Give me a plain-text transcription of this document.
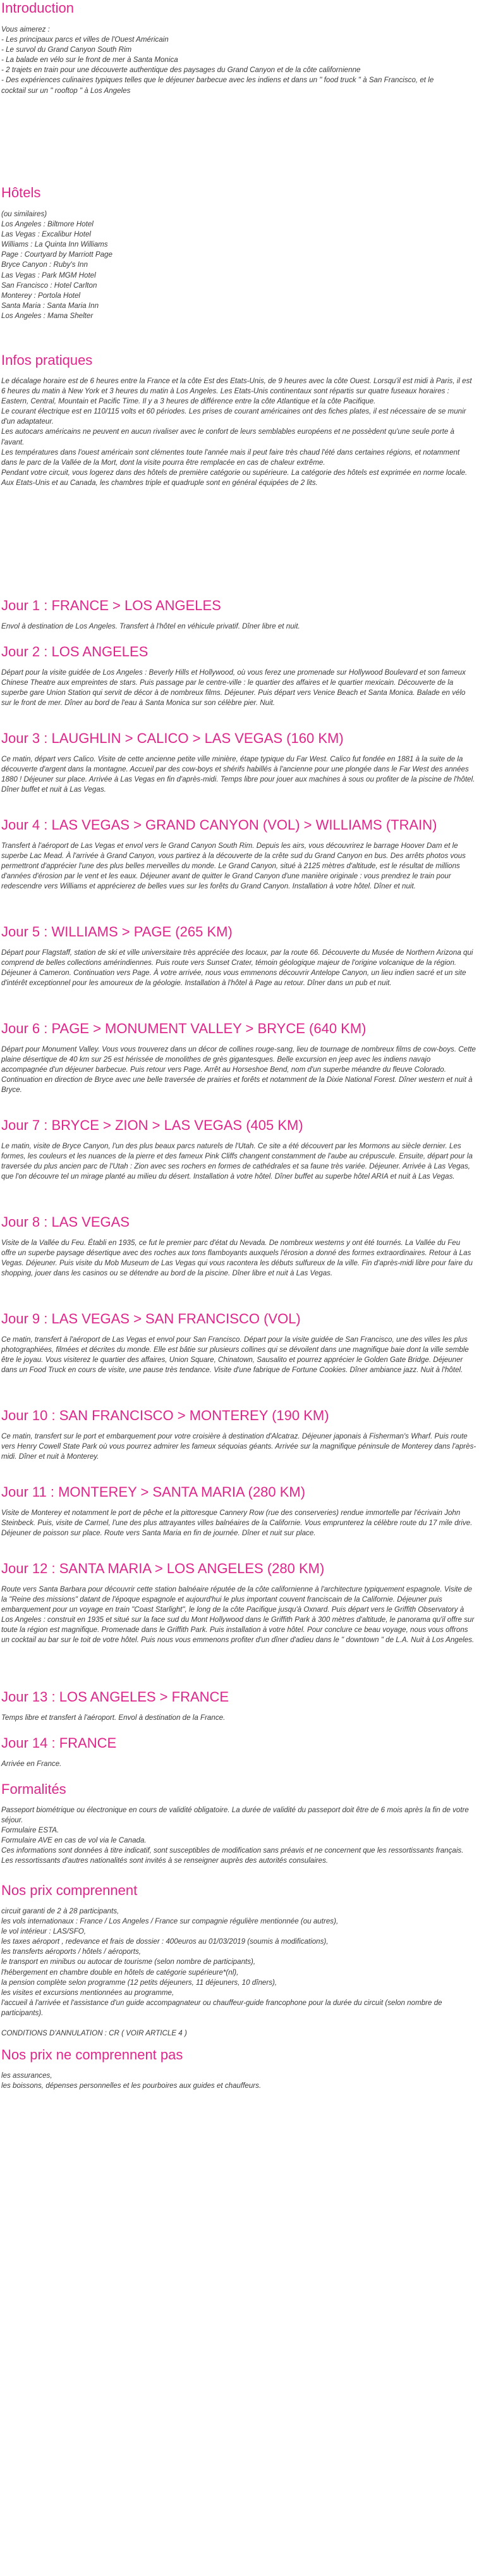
Introduction
Vous aimerez :
- Les principaux parcs et villes de l'Ouest Américain
- Le survol du Grand Canyon South Rim
- La balade en vélo sur le front de mer à Santa Monica
- 2 trajets en train pour une découverte authentique des paysages du Grand Canyon et de la côte californienne

- Des expériences culinaires typiques telles que le déjeuner barbecue avec les indiens et dans un " food truck " à San Francisco, et le cocktail sur un " rooftop " à Los Angeles

Hôtels
(ou similaires)
Los Angeles : Biltmore Hotel
Las Vegas : Excalibur Hotel
Williams : La Quinta Inn Williams
Page : Courtyard by Marriott Page
Bryce Canyon : Ruby's Inn
Las Vegas : Park MGM Hotel
San Francisco : Hotel Carlton
Monterey : Portola Hotel
Santa Maria : Santa Maria Inn
Los Angeles : Mama Shelter
Infos pratiques

Le décalage horaire est de 6 heures entre la France et la côte Est des Etats-Unis, de 9 heures avec la côte Ouest. Lorsqu'il est midi à Paris, il est 6 heures du matin à New York et 3 heures du matin à Los Angeles. Les Etats-Unis continentaux sont répartis sur quatre fuseaux horaires : Eastern, Central, Mountain et Pacific Time. Il y a 3 heures de différence entre la côte Atlantique et la côte Pacifique.

Le courant électrique est en 110/115 volts et 60 périodes. Les prises de courant américaines ont des fiches plates, il est nécessaire de se munir d'un adaptateur.

Les autocars américains ne peuvent en aucun rivaliser avec le confort de leurs semblables européens et ne possèdent qu'une seule porte à l'avant.

Les températures dans l'ouest américain sont clémentes toute l'année mais il peut faire très chaud l'été dans certaines régions, et notamment dans le parc de la Vallée de la Mort, dont la visite pourra être remplacée en cas de chaleur extrême.

Pendant votre circuit, vous logerez dans des hôtels de première catégorie ou supérieure. La catégorie des hôtels est exprimée en norme locale. Aux Etats-Unis et au Canada, les chambres triple et quadruple sont en général équipées de 2 lits.

Jour 1 : FRANCE > LOS ANGELES

Envol à destination de Los Angeles. Transfert à l'hôtel en véhicule privatif. Dîner libre et nuit.

Jour 2 : LOS ANGELES

Départ pour la visite guidée de Los Angeles : Beverly Hills et Hollywood, où vous ferez une promenade sur Hollywood Boulevard et son fameux Chinese Theatre aux empreintes de stars. Puis passage par le centre-ville : le quartier des affaires et le quartier mexicain. Découverte de la superbe gare Union Station qui servit de décor à de nombreux films. Déjeuner. Puis départ vers Venice Beach et Santa Monica. Balade en vélo sur le front de mer. Dîner au bord de l'eau à Santa Monica sur son célèbre pier. Nuit.

Jour 3 : LAUGHLIN > CALICO > LAS VEGAS (160 KM)

Ce matin, départ vers Calico. Visite de cette ancienne petite ville minière, étape typique du Far West. Calico fut fondée en 1881 à la suite de la découverte d'argent dans la montagne. Accueil par des cow-boys et shérifs habillés à l'ancienne pour une plongée dans le Far West des années 1880 ! Déjeuner sur place. Arrivée à Las Vegas en fin d'après-midi. Temps libre pour jouer aux machines à sous ou profiter de la piscine de l'hôtel. Dîner buffet et nuit à Las Vegas.

Jour 4 : LAS VEGAS > GRAND CANYON (VOL) > WILLIAMS (TRAIN)

Transfert à l'aéroport de Las Vegas et envol vers le Grand Canyon South Rim. Depuis les airs, vous découvrirez le barrage Hoover Dam et le superbe Lac Mead. À l'arrivée à Grand Canyon, vous partirez à la découverte de la crête sud du Grand Canyon en bus. Des arrêts photos vous permettront d'apprécier l'une des plus belles merveilles du monde. Le Grand Canyon, situé à 2125 mètres d'altitude, est le résultat de millions d'années d'érosion par le vent et les eaux. Déjeuner avant de quitter le Grand Canyon d'une manière originale : vous prendrez le train pour redescendre vers Williams et apprécierez de belles vues sur les forêts du Grand Canyon. Installation à votre hôtel. Dîner et nuit.

Jour 5 : WILLIAMS > PAGE (265 KM)

Départ pour Flagstaff, station de ski et ville universitaire très appréciée des locaux, par la route 66. Découverte du Musée de Northern Arizona qui comprend de belles collections amérindiennes. Puis route vers Sunset Crater, témoin géologique majeur de l'origine volcanique de la région. Déjeuner à Cameron. Continuation vers Page. À votre arrivée, nous vous emmenons découvrir Antelope Canyon, un lieu indien sacré et un site d'intérêt exceptionnel pour les amoureux de la géologie. Installation à l'hôtel à Page au retour. Dîner dans un pub et nuit.

Jour 6 : PAGE > MONUMENT VALLEY > BRYCE (640 KM)

Départ pour Monument Valley. Vous vous trouverez dans un décor de collines rouge-sang, lieu de tournage de nombreux films de cow-boys. Cette plaine désertique de 40 km sur 25 est hérissée de monolithes de grès gigantesques. Belle excursion en jeep avec les indiens navajo accompagnée d'un déjeuner barbecue. Puis retour vers Page. Arrêt au Horseshoe Bend, nom d'un superbe méandre du fleuve Colorado. Continuation en direction de Bryce avec une belle traversée de prairies et forêts et notamment de la Dixie National Forest. Dîner western et nuit à Bryce.

Jour 7 : BRYCE > ZION > LAS VEGAS (405 KM)

Le matin, visite de Bryce Canyon, l'un des plus beaux parcs naturels de l'Utah. Ce site a été découvert par les Mormons au siècle dernier. Les formes, les couleurs et les nuances de la pierre et des fameux Pink Cliffs changent constamment de l'aube au crépuscule. Ensuite, départ pour la traversée du plus ancien parc de l'Utah : Zion avec ses rochers en formes de cathédrales et sa faune très variée. Déjeuner. Arrivée à Las Vegas, que l'on découvre tel un mirage planté au milieu du désert. Installation à votre hôtel. Dîner buffet au superbe hôtel ARIA et nuit à Las Vegas.

Jour 8 : LAS VEGAS

Visite de la Vallée du Feu. Établi en 1935, ce fut le premier parc d'état du Nevada. De nombreux westerns y ont été tournés. La Vallée du Feu offre un superbe paysage désertique avec des roches aux tons flamboyants auxquels l'érosion a donné des formes extraordinaires. Retour à Las Vegas. Déjeuner. Puis visite du Mob Museum de Las Vegas qui vous racontera les débuts sulfureux de la ville. Fin d'après-midi libre pour faire du shopping, jouer dans les casinos ou se détendre au bord de la piscine. Dîner libre et nuit à Las Vegas.

Jour 9 : LAS VEGAS > SAN FRANCISCO (VOL)

Ce matin, transfert à l'aéroport de Las Vegas et envol pour San Francisco. Départ pour la visite guidée de San Francisco, une des villes les plus photographiées, filmées et décrites du monde. Elle est bâtie sur plusieurs collines qui se dévoilent dans une magnifique baie dont la ville semble être le joyau. Vous visiterez le quartier des affaires, Union Square, Chinatown, Sausalito et pourrez apprécier le Golden Gate Bridge. Déjeuner dans un Food Truck en cours de visite, une pause très tendance. Visite d'une fabrique de Fortune Cookies. Dîner ambiance jazz. Nuit à l'hôtel.

Jour 10 : SAN FRANCISCO > MONTEREY (190 KM)

Ce matin, transfert sur le port et embarquement pour votre croisière à destination d'Alcatraz. Déjeuner japonais à Fisherman's Wharf. Puis route vers Henry Cowell State Park où vous pourrez admirer les fameux séquoias géants. Arrivée sur la magnifique péninsule de Monterey dans l'après-midi. Dîner et nuit à Monterey.

Jour 11 : MONTEREY > SANTA MARIA (280 KM)

Visite de Monterey et notamment le port de pêche et la pittoresque Cannery Row (rue des conserveries) rendue immortelle par l'écrivain John Steinbeck. Puis, visite de Carmel, l'une des plus attrayantes villes balnéaires de la Californie. Vous emprunterez la célèbre route du 17 mile drive. Déjeuner de poisson sur place. Route vers Santa Maria en fin de journée. Dîner et nuit sur place.

Jour 12 : SANTA MARIA > LOS ANGELES (280 KM)

Route vers Santa Barbara pour découvrir cette station balnéaire réputée de la côte californienne à l'architecture typiquement espagnole. Visite de la "Reine des missions" datant de l'époque espagnole et aujourd'hui le plus important couvent franciscain de la Californie. Déjeuner puis embarquement pour un voyage en train "Coast Starlight", le long de la côte Pacifique jusqu'à Oxnard. Puis départ vers le Griffith Observatory à Los Angeles : construit en 1935 et situé sur la face sud du Mont Hollywood dans le Griffith Park à 300 mètres d'altitude, le panorama qu'il offre sur toute la région est magnifique. Promenade dans le Griffith Park. Puis installation à votre hôtel. Pour conclure ce beau voyage, nous vous offrons un cocktail au bar sur le toit de votre hôtel. Puis nous vous emmenons profiter d'un dîner d'adieu dans le " downtown " de L.A. Nuit à Los Angeles.

Jour 13 : LOS ANGELES > FRANCE

Temps libre et transfert à l'aéroport. Envol à destination de la France.

Jour 14 : FRANCE

Arrivée en France.

Formalités

Passeport biométrique ou électronique en cours de validité obligatoire. La durée de validité du passeport doit être de 6 mois après la fin de votre séjour.

Formulaire ESTA.

Formulaire AVE en cas de vol via le Canada.

Ces informations sont données à titre indicatif, sont susceptibles de modification sans préavis et ne concernent que les ressortissants français. Les ressortissants d'autres nationalités sont invités à se renseigner auprès des autorités consulaires.

Nos prix comprennent

circuit garanti de 2 à 28 participants,

les vols internationaux : France / Los Angeles / France sur compagnie régulière mentionnée (ou autres),

le vol intérieur : LAS/SFO,

les taxes aéroport , redevance et frais de dossier : 400euros au 01/03/2019 (soumis à modifications),

les transferts aéroports / hôtels / aéroports,

le transport en minibus ou autocar de tourisme (selon nombre de participants),

l'hébergement en chambre double en hôtels de catégorie supérieure*(nl),

la pension complète selon programme (12 petits déjeuners, 11 déjeuners, 10 dîners),

les visites et excursions mentionnées au programme,

l'accueil à l'arrivée et l'assistance d'un guide accompagnateur ou chauffeur-guide francophone pour la durée du circuit (selon nombre de participants).

CONDITIONS D'ANNULATION : CR ( VOIR ARTICLE 4 )

Nos prix ne comprennent pas

les assurances,

les boissons, dépenses personnelles et les pourboires aux guides et chauffeurs.
